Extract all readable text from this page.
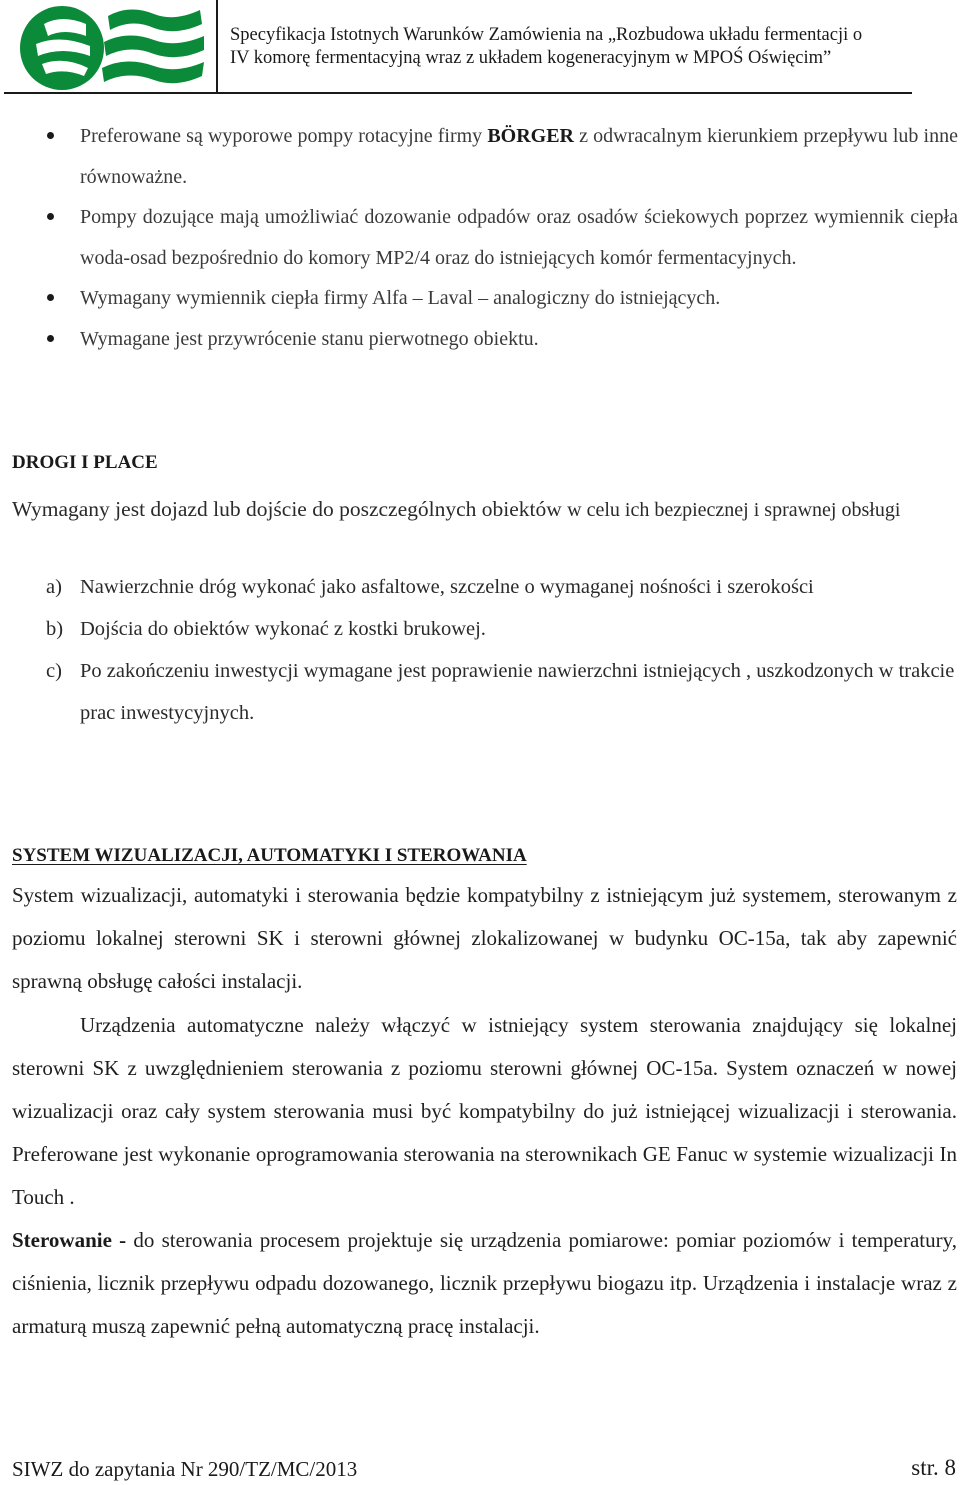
Specyfikacja Istotnych Warunków Zamówienia na „Rozbudowa układu fermentacji o
IV komorę fermentacyjną wraz z układem kogeneracyjnym w MPOŚ Oświęcim”
Preferowane są wyporowe pompy rotacyjne firmy BÖRGER z odwracalnym kierunkiem przepływu lub inne równoważne.
Pompy dozujące mają umożliwiać dozowanie odpadów oraz osadów ściekowych poprzez wymiennik ciepła woda-osad bezpośrednio do komory MP2/4 oraz do istniejących komór fermentacyjnych.
Wymagany wymiennik ciepła firmy Alfa – Laval – analogiczny do istniejących.
Wymagane jest przywrócenie stanu pierwotnego obiektu.
DROGI I PLACE
Wymagany jest dojazd lub dojście do poszczególnych obiektów w celu ich bezpiecznej i sprawnej obsługi
a) Nawierzchnie dróg wykonać jako asfaltowe, szczelne o wymaganej nośności i szerokości
b) Dojścia do obiektów wykonać z kostki brukowej.
c) Po zakończeniu inwestycji wymagane jest poprawienie nawierzchni istniejących , uszkodzonych w trakcie prac inwestycyjnych.
SYSTEM WIZUALIZACJI, AUTOMATYKI I STEROWANIA
System wizualizacji, automatyki i sterowania będzie kompatybilny z istniejącym już systemem, sterowanym z poziomu lokalnej sterowni SK i sterowni głównej zlokalizowanej w budynku OC-15a, tak aby zapewnić sprawną obsługę całości instalacji.
Urządzenia automatyczne należy włączyć w istniejący system sterowania znajdujący się lokalnej sterowni SK z uwzględnieniem sterowania z poziomu sterowni głównej OC-15a. System oznaczeń w nowej wizualizacji oraz cały system sterowania musi być kompatybilny do już istniejącej wizualizacji i sterowania. Preferowane jest wykonanie oprogramowania sterowania na sterownikach GE Fanuc w systemie wizualizacji In Touch .
Sterowanie - do sterowania procesem projektuje się urządzenia pomiarowe: pomiar poziomów i temperatury, ciśnienia, licznik przepływu odpadu dozowanego, licznik przepływu biogazu itp. Urządzenia i instalacje wraz z armaturą muszą zapewnić pełną automatyczną pracę instalacji.
SIWZ do zapytania Nr 290/TZ/MC/2013	str. 8
